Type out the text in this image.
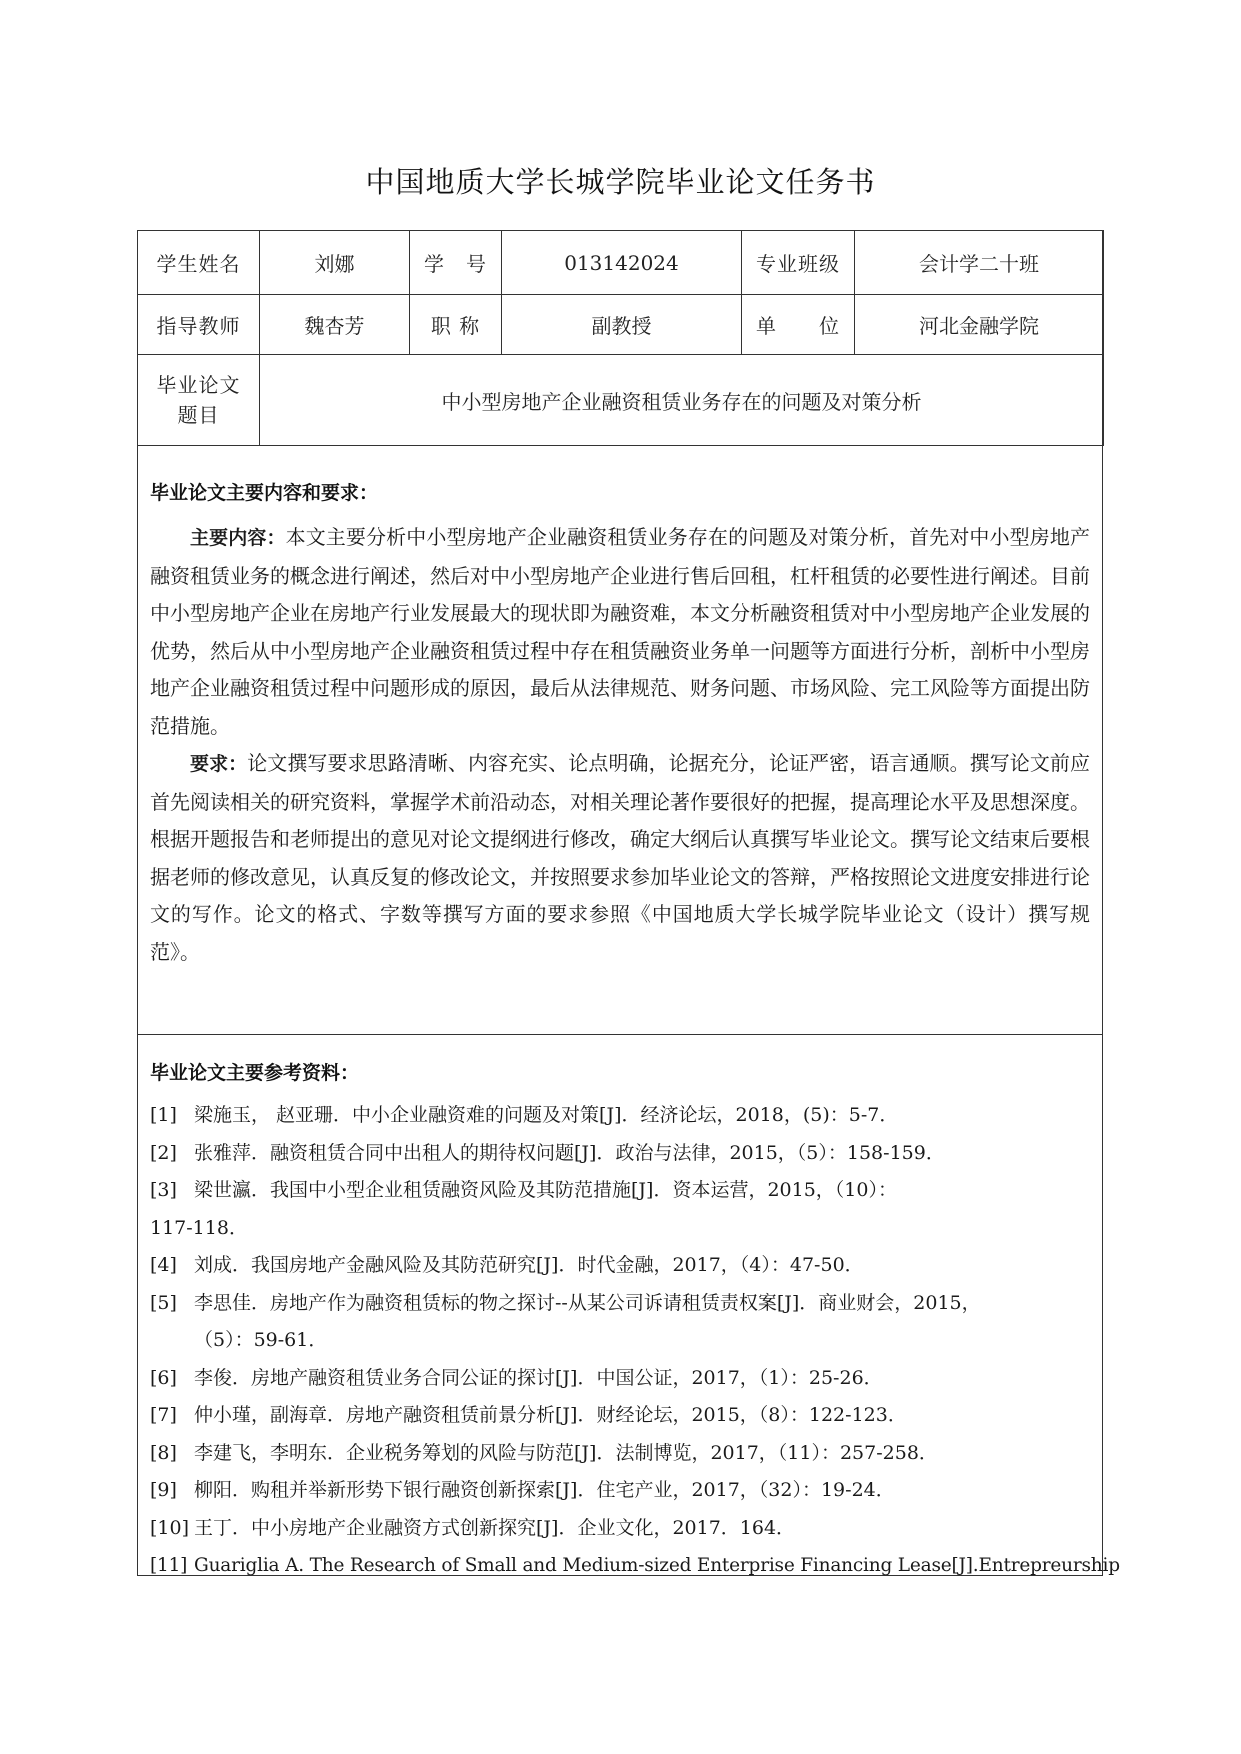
中国地质大学长城学院毕业论文任务书
学生姓名	刘娜	学　号	013142024	专业班级	会计学二十班
指导教师	魏杏芳	职 称	副教授	单　　位	河北金融学院

毕业论文
题目	中小型房地产企业融资租赁业务存在的问题及对策分析				
毕业论文主要内容和要求：
主要内容：本文主要分析中小型房地产企业融资租赁业务存在的问题及对策分析，首先对中小型房地产融资租赁业务的概念进行阐述，然后对中小型房地产企业进行售后回租，杠杆租赁的必要性进行阐述。目前中小型房地产企业在房地产行业发展最大的现状即为融资难，本文分析融资租赁对中小型房地产企业发展的优势，然后从中小型房地产企业融资租赁过程中存在租赁融资业务单一问题等方面进行分析，剖析中小型房地产企业融资租赁过程中问题形成的原因，最后从法律规范、财务问题、市场风险、完工风险等方面提出防范措施。
要求：论文撰写要求思路清晰、内容充实、论点明确，论据充分，论证严密，语言通顺。撰写论文前应首先阅读相关的研究资料，掌握学术前沿动态，对相关理论著作要很好的把握，提高理论水平及思想深度。根据开题报告和老师提出的意见对论文提纲进行修改，确定大纲后认真撰写毕业论文。撰写论文结束后要根据老师的修改意见，认真反复的修改论文，并按照要求参加毕业论文的答辩，严格按照论文进度安排进行论文的写作。论文的格式、字数等撰写方面的要求参照《中国地质大学长城学院毕业论文（设计）撰写规范》。
毕业论文主要参考资料：
[1] 梁施玉， 赵亚珊．中小企业融资难的问题及对策[J]．经济论坛，2018，(5)：5-7．
[2] 张雅萍．融资租赁合同中出租人的期待权问题[J]．政治与法律，2015，（5）：158-159．
[3] 梁世瀛．我国中小型企业租赁融资风险及其防范措施[J]．资本运营，2015，（10）：
117-118．
[4] 刘成．我国房地产金融风险及其防范研究[J]．时代金融，2017，（4）：47-50．
[5] 李思佳．房地产作为融资租赁标的物之探讨--从某公司诉请租赁责权案[J]．商业财会，2015，
（5）：59-61．
[6] 李俊．房地产融资租赁业务合同公证的探讨[J]．中国公证，2017，（1）：25-26．
[7] 仲小瑾，副海章．房地产融资租赁前景分析[J]．财经论坛，2015，（8）：122-123．
[8] 李建飞，李明东．企业税务筹划的风险与防范[J]．法制博览，2017，（11）：257-258．
[9] 柳阳．购租并举新形势下银行融资创新探索[J]．住宅产业，2017，（32）：19-24．
[10] 王丁．中小房地产企业融资方式创新探究[J]．企业文化，2017．164．
[11] Guariglia A. The Research of Small and Medium-sized Enterprise Financing Lease[J].Entrepreurship
